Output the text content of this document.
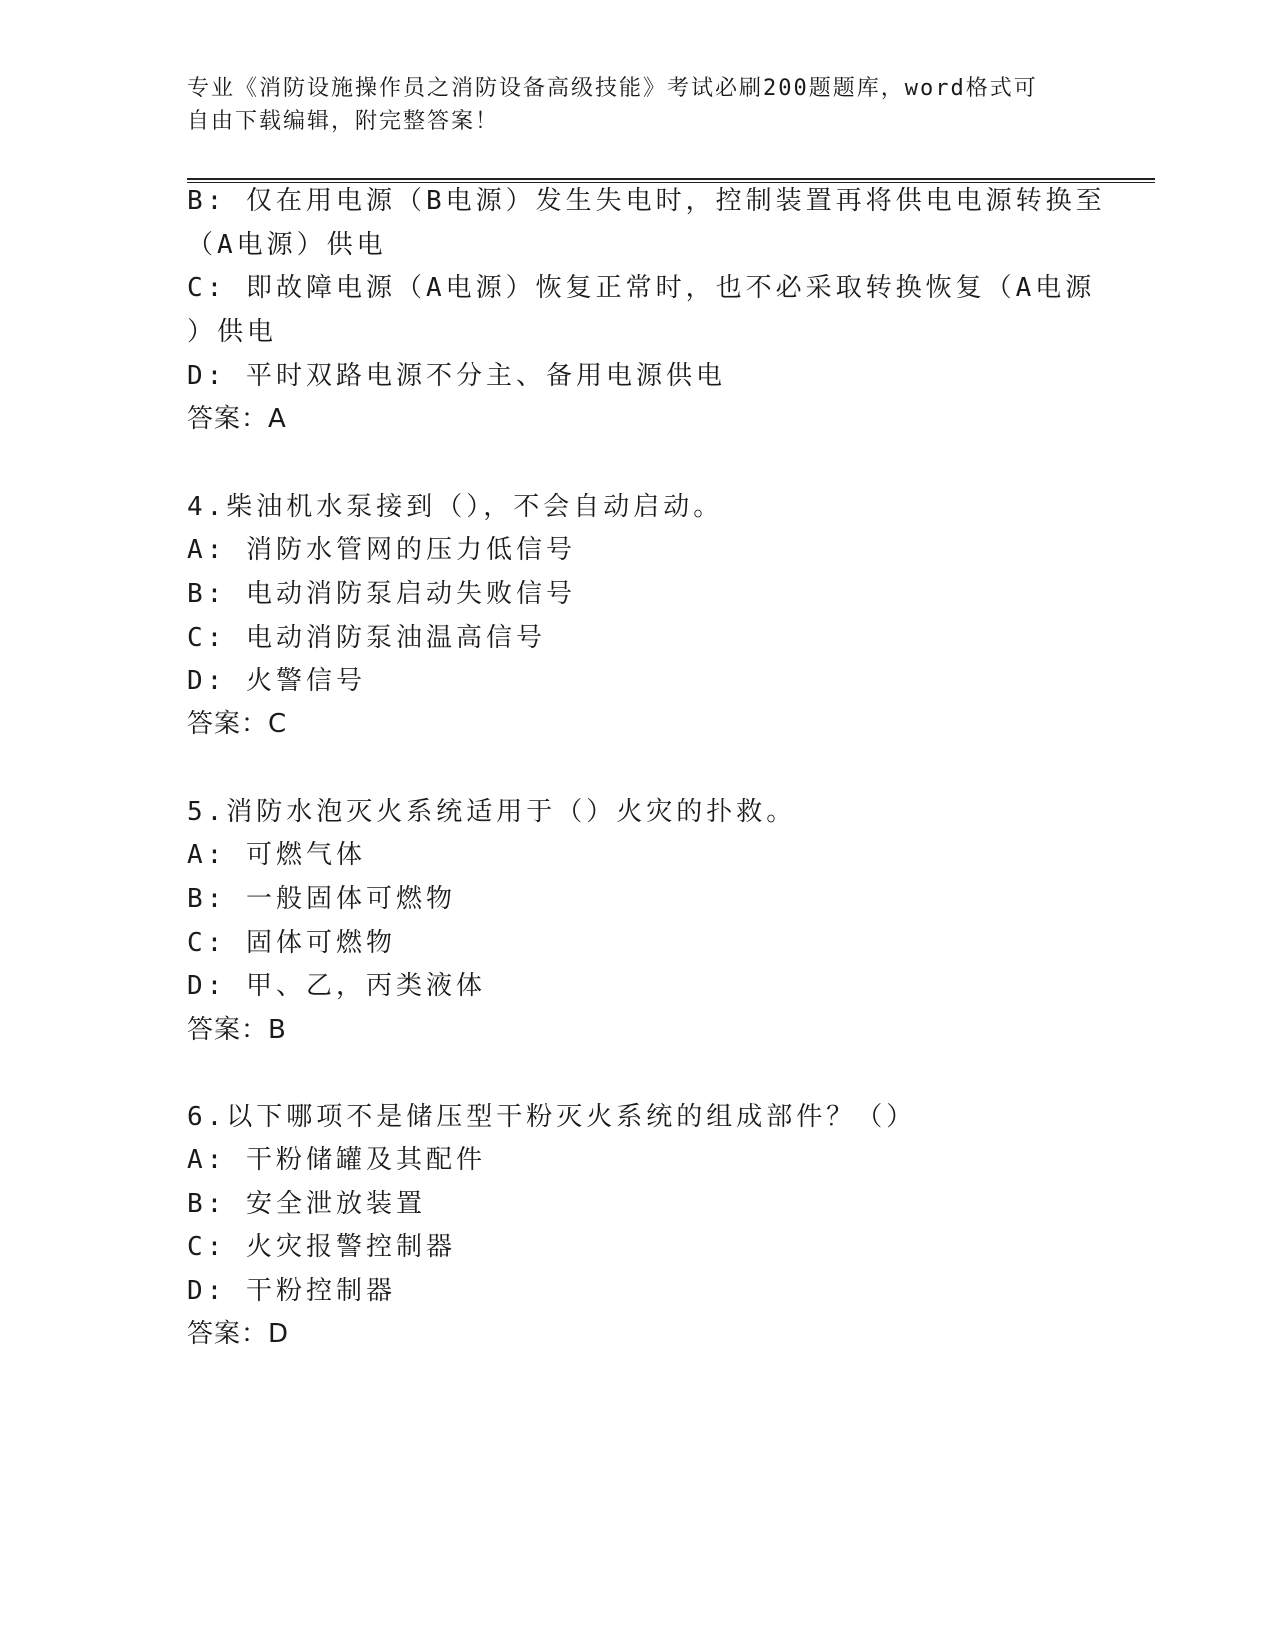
专业《消防设施操作员之消防设备高级技能》考试必刷200题题库，word格式可
自由下载编辑，附完整答案！
B: 仅在用电源（B电源）发生失电时，控制装置再将供电电源转换至
（A电源）供电
C: 即故障电源（A电源）恢复正常时，也不必采取转换恢复（A电源
）供电
D: 平时双路电源不分主、备用电源供电
答案：A
4.柴油机水泵接到（），不会自动启动。
A: 消防水管网的压力低信号
B: 电动消防泵启动失败信号
C: 电动消防泵油温高信号
D: 火警信号
答案：C
5.消防水泡灭火系统适用于（）火灾的扑救。
A: 可燃气体
B: 一般固体可燃物
C: 固体可燃物
D: 甲、乙，丙类液体
答案：B
6.以下哪项不是储压型干粉灭火系统的组成部件？（）
A: 干粉储罐及其配件
B: 安全泄放装置
C: 火灾报警控制器
D: 干粉控制器
答案：D
